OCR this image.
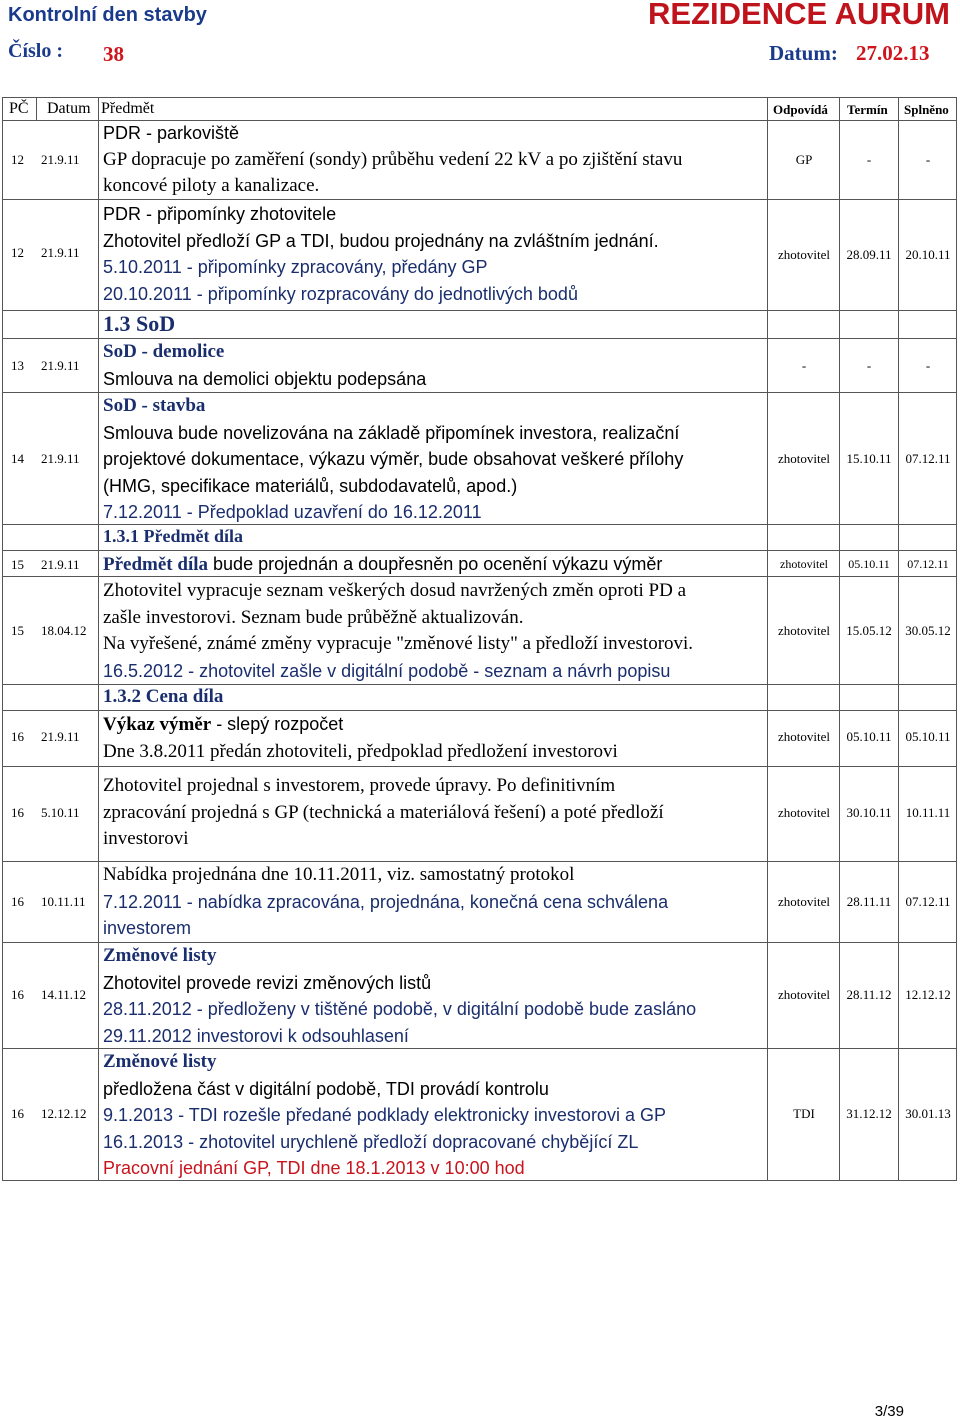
Kontrolní den stavby	REZIDENCE AURUM
Číslo : 38	Datum: 27.02.13
PČ Datum Předmět	Odpovídá Termín Splněno
12 21.9.11
PDR - parkoviště
GP dopracuje po zaměření (sondy) průběhu vedení 22 kV a po zjištění stavu
koncové piloty a kanalizace.
GP	-	-
12 21.9.11
PDR - připomínky zhotovitele
Zhotovitel předloží GP a TDI, budou projednány na zvláštním jednání.
5.10.2011 - připomínky zpracovány, předány GP
20.10.2011 - připomínky rozpracovány do jednotlivých bodů
zhotovitel	28.09.11	20.10.11
1.3 SoD
13 21.9.11
SoD - demolice
Smlouva na demolici objektu podepsána
-	-	-
14 21.9.11
SoD - stavba
Smlouva bude novelizována na základě připomínek investora, realizační
projektové dokumentace, výkazu výměr, bude obsahovat veškeré přílohy
(HMG, specifikace materiálů, subdodavatelů, apod.)
7.12.2011 - Předpoklad uzavření do 16.12.2011
zhotovitel	15.10.11	07.12.11
1.3.1 Předmět díla
15 21.9.11 Předmět díla bude projednán a doupřesněn po ocenění výkazu výměr	zhotovitel	05.10.11	07.12.11
15 18.04.12
Zhotovitel vypracuje seznam veškerých dosud navržených změn oproti PD a
zašle investorovi. Seznam bude průběžně aktualizován.
Na vyřešené, známé změny vypracuje "změnové listy" a předloží investorovi.
16.5.2012 - zhotovitel zašle v digitální podobě - seznam a návrh popisu
zhotovitel	15.05.12	30.05.12
1.3.2 Cena díla
16 21.9.11
Výkaz výměr - slepý rozpočet
Dne 3.8.2011 předán zhotoviteli, předpoklad předložení investorovi
zhotovitel	05.10.11	05.10.11
16 5.10.11
Zhotovitel projednal s investorem, provede úpravy. Po definitivním
zpracování projedná s GP (technická a materiálová řešení) a poté předloží
investorovi
zhotovitel	30.10.11	10.11.11
16 10.11.11
Nabídka projednána dne 10.11.2011, viz. samostatný protokol
7.12.2011 - nabídka zpracována, projednána, konečná cena schválena
investorem
zhotovitel	28.11.11	07.12.11
16 14.11.12
Změnové listy
Zhotovitel provede revizi změnových listů
28.11.2012 - předloženy v tištěné podobě, v digitální podobě bude zasláno
29.11.2012 investorovi k odsouhlasení
zhotovitel	28.11.12	12.12.12
16 12.12.12
Změnové listy
předložena část v digitální podobě, TDI provádí kontrolu
9.1.2013 - TDI rozešle předané podklady elektronicky investorovi a GP
16.1.2013 - zhotovitel urychleně předloží dopracované chybějící ZL
Pracovní jednání GP, TDI dne 18.1.2013 v 10:00 hod
TDI	31.12.12	30.01.13
3/39
